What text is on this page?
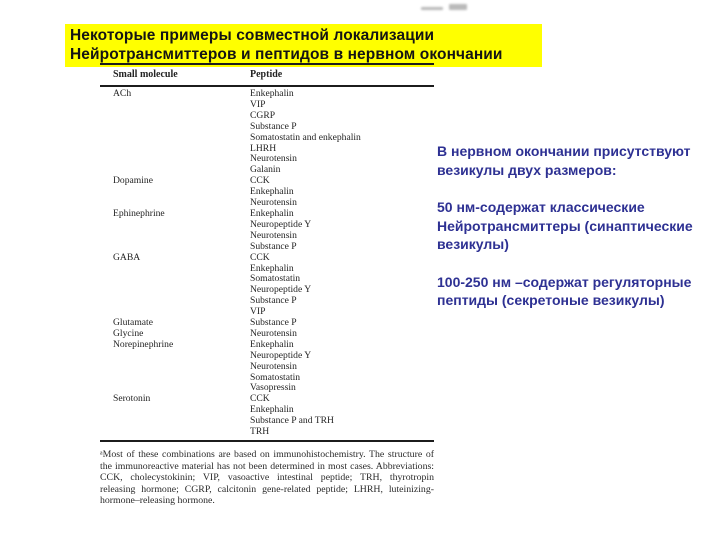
Некоторые примеры совместной локализации
Нейротрансмиттеров и пептидов в нервном окончании
Small molecule	Peptide
ACh	Enkephalin
VIP
CGRP
Substance P
Somatostatin and enkephalin
LHRH
Neurotensin
Galanin
Dopamine	CCK
Enkephalin
Neurotensin
Ephinephrine	Enkephalin
Neuropeptide Y
Neurotensin
Substance P
GABA	CCK
Enkephalin
Somatostatin
Neuropeptide Y
Substance P
VIP
Glutamate	Substance P
Glycine	Neurotensin
Norepinephrine	Enkephalin
Neuropeptide Y
Neurotensin
Somatostatin
Vasopressin
Serotonin	CCK
Enkephalin
Substance P and TRH
TRH
ᵃMost of these combinations are based on immunohistochemistry. The structure of the immunoreactive material has not been determined in most cases. Abbreviations: CCK, cholecystokinin; VIP, vasoactive intestinal peptide; TRH, thyrotropin releasing hormone; CGRP, calcitonin gene-related peptide; LHRH, luteinizing-hormone–releasing hormone.

В нервном окончании присутствуют везикулы двух размеров:

50 нм-содержат классические Нейротрансмиттеры (синаптические везикулы)

100-250 нм –содержат регуляторные пептиды (секретоные везикулы)
